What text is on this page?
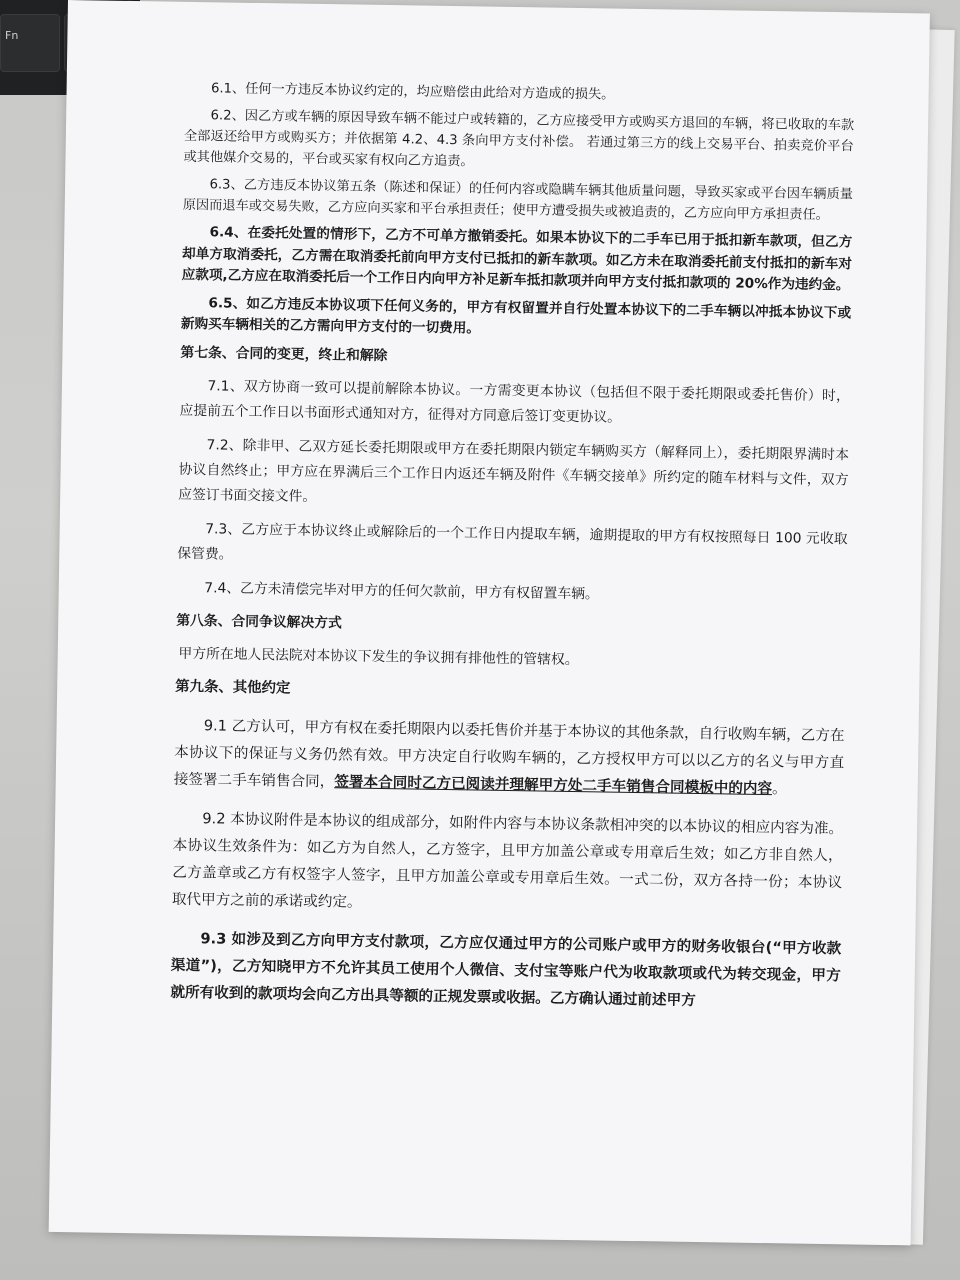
Fn

6.1、任何一方违反本协议约定的，均应赔偿由此给对方造成的损失。

6.2、因乙方或车辆的原因导致车辆不能过户或转籍的，乙方应接受甲方或购买方退回的车辆，将已收取的车款全部返还给甲方或购买方；并依据第 4.2、4.3 条向甲方支付补偿。 若通过第三方的线上交易平台、拍卖竞价平台或其他媒介交易的，平台或买家有权向乙方追责。

6.3、乙方违反本协议第五条（陈述和保证）的任何内容或隐瞒车辆其他质量问题，导致买家或平台因车辆质量原因而退车或交易失败，乙方应向买家和平台承担责任；使甲方遭受损失或被追责的，乙方应向甲方承担责任。

6.4、在委托处置的情形下，乙方不可单方撤销委托。如果本协议下的二手车已用于抵扣新车款项，但乙方却单方取消委托，乙方需在取消委托前向甲方支付已抵扣的新车款项。如乙方未在取消委托前支付抵扣的新车对应款项,乙方应在取消委托后一个工作日内向甲方补足新车抵扣款项并向甲方支付抵扣款项的 20%作为违约金。

6.5、如乙方违反本协议项下任何义务的，甲方有权留置并自行处置本协议下的二手车辆以冲抵本协议下或新购买车辆相关的乙方需向甲方支付的一切费用。

第七条、合同的变更，终止和解除

7.1、双方协商一致可以提前解除本协议。一方需变更本协议（包括但不限于委托期限或委托售价）时，应提前五个工作日以书面形式通知对方，征得对方同意后签订变更协议。

7.2、除非甲、乙双方延长委托期限或甲方在委托期限内锁定车辆购买方（解释同上），委托期限界满时本协议自然终止；甲方应在界满后三个工作日内返还车辆及附件《车辆交接单》所约定的随车材料与文件，双方应签订书面交接文件。

7.3、乙方应于本协议终止或解除后的一个工作日内提取车辆，逾期提取的甲方有权按照每日 100 元收取保管费。

7.4、乙方未清偿完毕对甲方的任何欠款前，甲方有权留置车辆。

第八条、合同争议解决方式

甲方所在地人民法院对本协议下发生的争议拥有排他性的管辖权。

第九条、其他约定

9.1 乙方认可，甲方有权在委托期限内以委托售价并基于本协议的其他条款，自行收购车辆，乙方在本协议下的保证与义务仍然有效。甲方决定自行收购车辆的，乙方授权甲方可以以乙方的名义与甲方直接签署二手车销售合同，签署本合同时乙方已阅读并理解甲方处二手车销售合同模板中的内容。

9.2 本协议附件是本协议的组成部分，如附件内容与本协议条款相冲突的以本协议的相应内容为准。本协议生效条件为：如乙方为自然人，乙方签字，且甲方加盖公章或专用章后生效；如乙方非自然人，乙方盖章或乙方有权签字人签字，且甲方加盖公章或专用章后生效。一式二份，双方各持一份；本协议取代甲方之前的承诺或约定。

9.3 如涉及到乙方向甲方支付款项，乙方应仅通过甲方的公司账户或甲方的财务收银台(“甲方收款渠道”)，乙方知晓甲方不允许其员工使用个人微信、支付宝等账户代为收取款项或代为转交现金，甲方就所有收到的款项均会向乙方出具等额的正规发票或收据。乙方确认通过前述甲方
